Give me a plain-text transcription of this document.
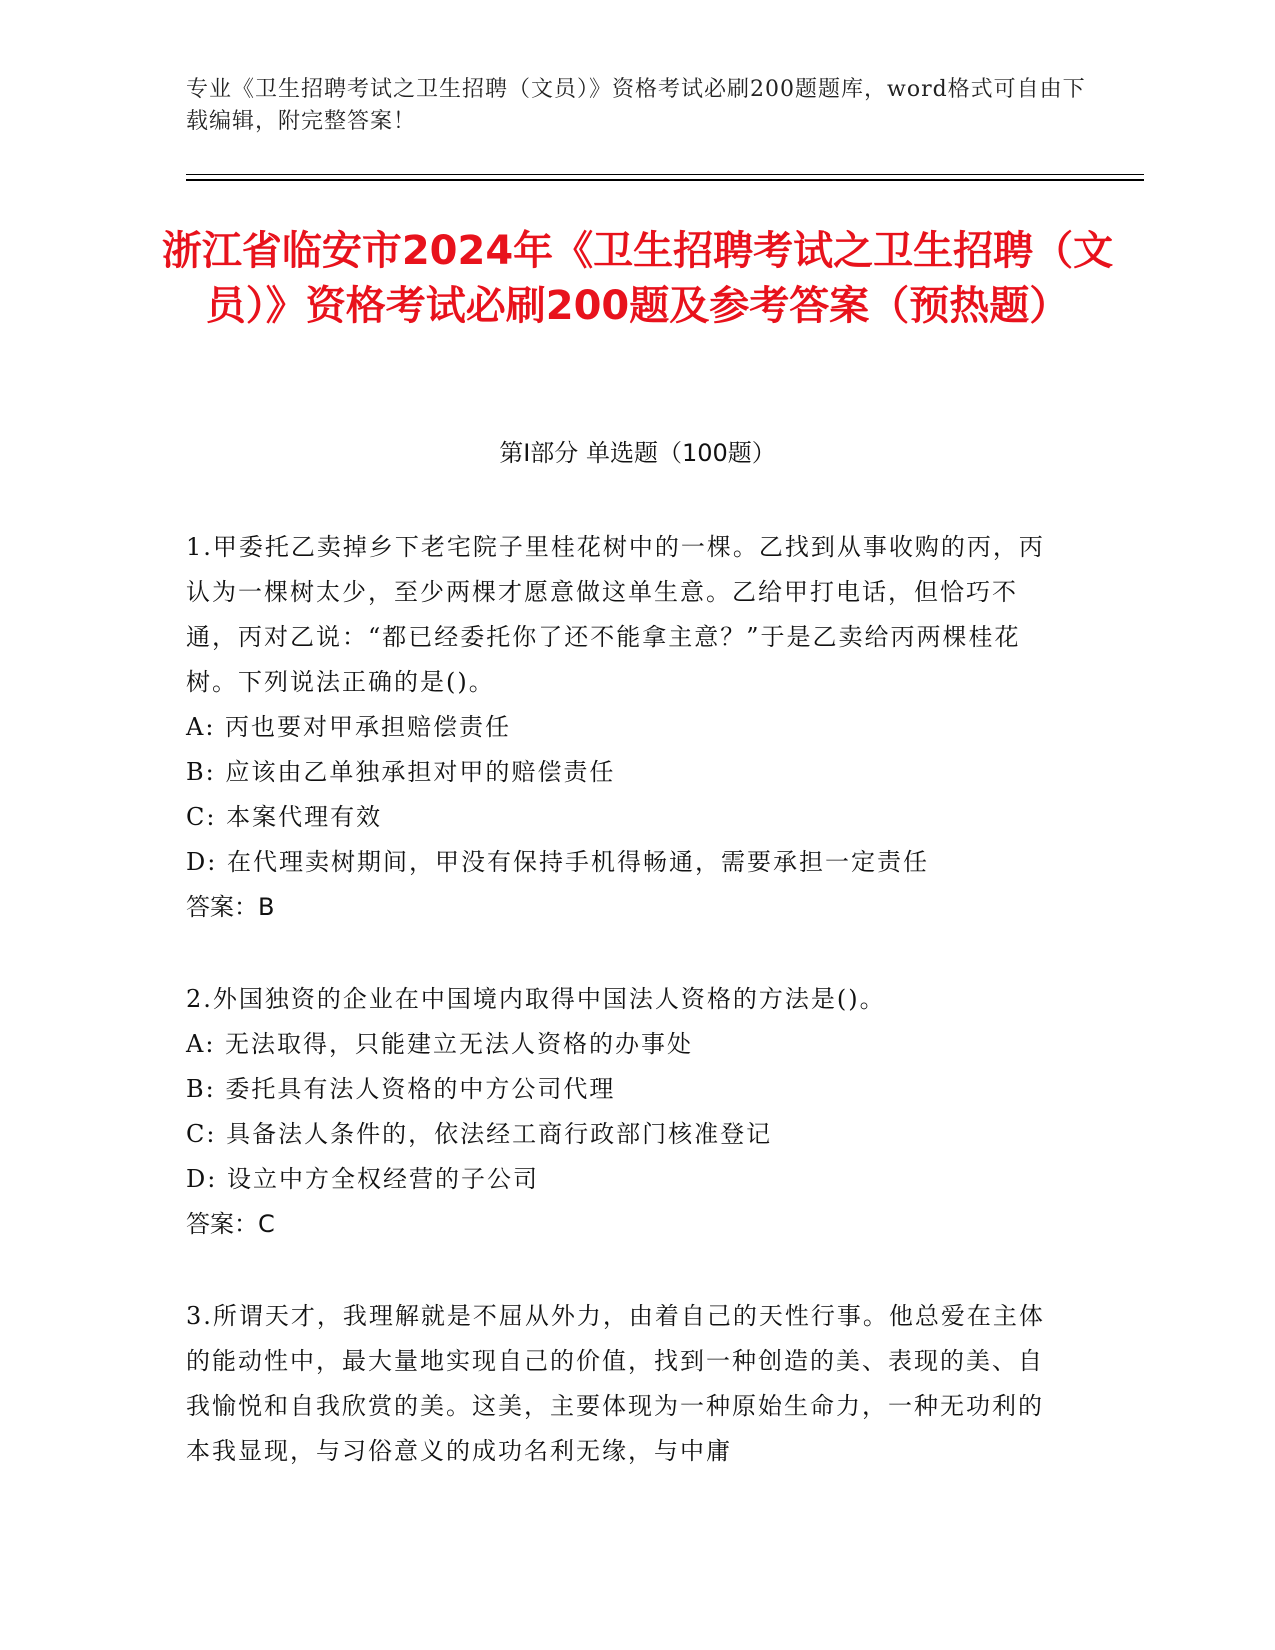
专业《卫生招聘考试之卫生招聘（文员）》资格考试必刷200题题库，word格式可自由下载编辑，附完整答案！
浙江省临安市2024年《卫生招聘考试之卫生招聘（文员）》资格考试必刷200题及参考答案（预热题）
第Ⅰ部分 单选题（100题）

1.甲委托乙卖掉乡下老宅院子里桂花树中的一棵。乙找到从事收购的丙，丙认为一棵树太少，至少两棵才愿意做这单生意。乙给甲打电话，但恰巧不通，丙对乙说：“都已经委托你了还不能拿主意？”于是乙卖给丙两棵桂花树。下列说法正确的是()。

A: 丙也要对甲承担赔偿责任

B: 应该由乙单独承担对甲的赔偿责任

C: 本案代理有效

D: 在代理卖树期间，甲没有保持手机得畅通，需要承担一定责任

答案：B

2.外国独资的企业在中国境内取得中国法人资格的方法是()。

A: 无法取得，只能建立无法人资格的办事处

B: 委托具有法人资格的中方公司代理

C: 具备法人条件的，依法经工商行政部门核准登记

D: 设立中方全权经营的子公司

答案：C

3.所谓天才，我理解就是不屈从外力，由着自己的天性行事。他总爱在主体的能动性中，最大量地实现自己的价值，找到一种创造的美、表现的美、自我愉悦和自我欣赏的美。这美，主要体现为一种原始生命力，一种无功利的本我显现，与习俗意义的成功名利无缘，与中庸
